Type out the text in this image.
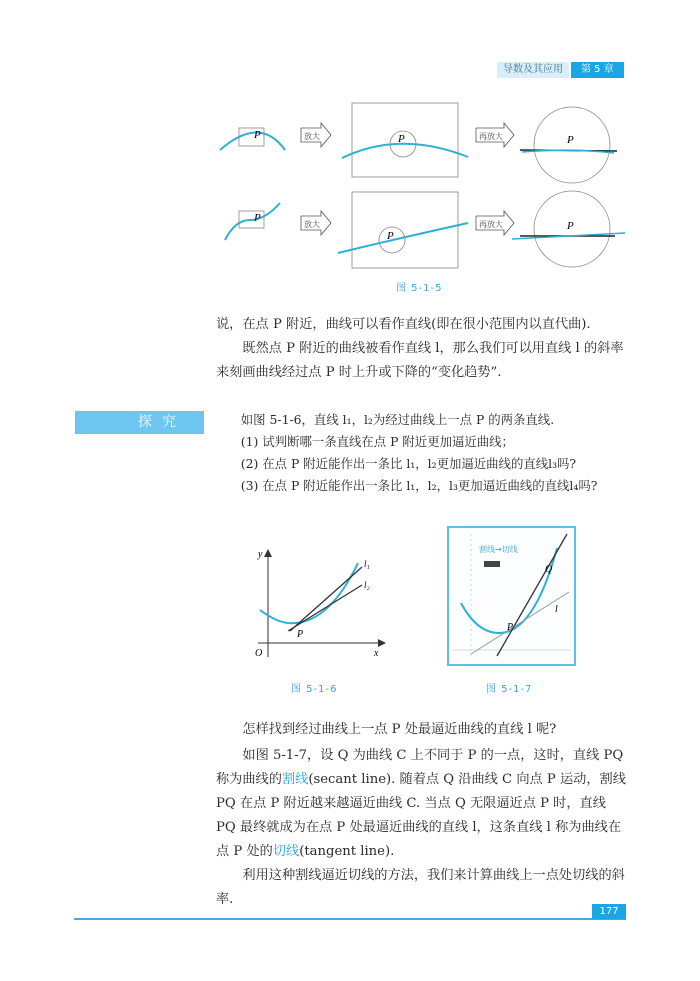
导数及其应用	第 5 章
P	放大	P	再放大	P
P
放大
P
再放大	P
图 5-1-5

说，在点 P 附近，曲线可以看作直线(即在很小范围内以直代曲).

既然点 P 附近的曲线被看作直线 l，那么我们可以用直线 l 的斜率来刻画曲线经过点 P 时上升或下降的“变化趋势”.

探究	如图 5-1-6，直线 l₁，l₂为经过曲线上一点 P 的两条直线.

(1) 试判断哪一条直线在点 P 附近更加逼近曲线；

(2) 在点 P 附近能作出一条比 l₁，l₂更加逼近曲线的直线l₃吗?

(3) 在点 P 附近能作出一条比 l₁，l₂，l₃更加逼近曲线的直线l₄吗?

y
x
O
P
l₁
l₂
图 5-1-6
割线→切线
P
Q
l
图 5-1-7

怎样找到经过曲线上一点 P 处最逼近曲线的直线 l 呢?

如图 5-1-7，设 Q 为曲线 C 上不同于 P 的一点，这时，直线 PQ 称为曲线的割线(secant line). 随着点 Q 沿曲线 C 向点 P 运动，割线 PQ 在点 P 附近越来越逼近曲线 C. 当点 Q 无限逼近点 P 时，直线 PQ 最终就成为在点 P 处最逼近曲线的直线 l，这条直线 l 称为曲线在点 P 处的切线(tangent line).

利用这种割线逼近切线的方法，我们来计算曲线上一点处切线的斜率.

177
